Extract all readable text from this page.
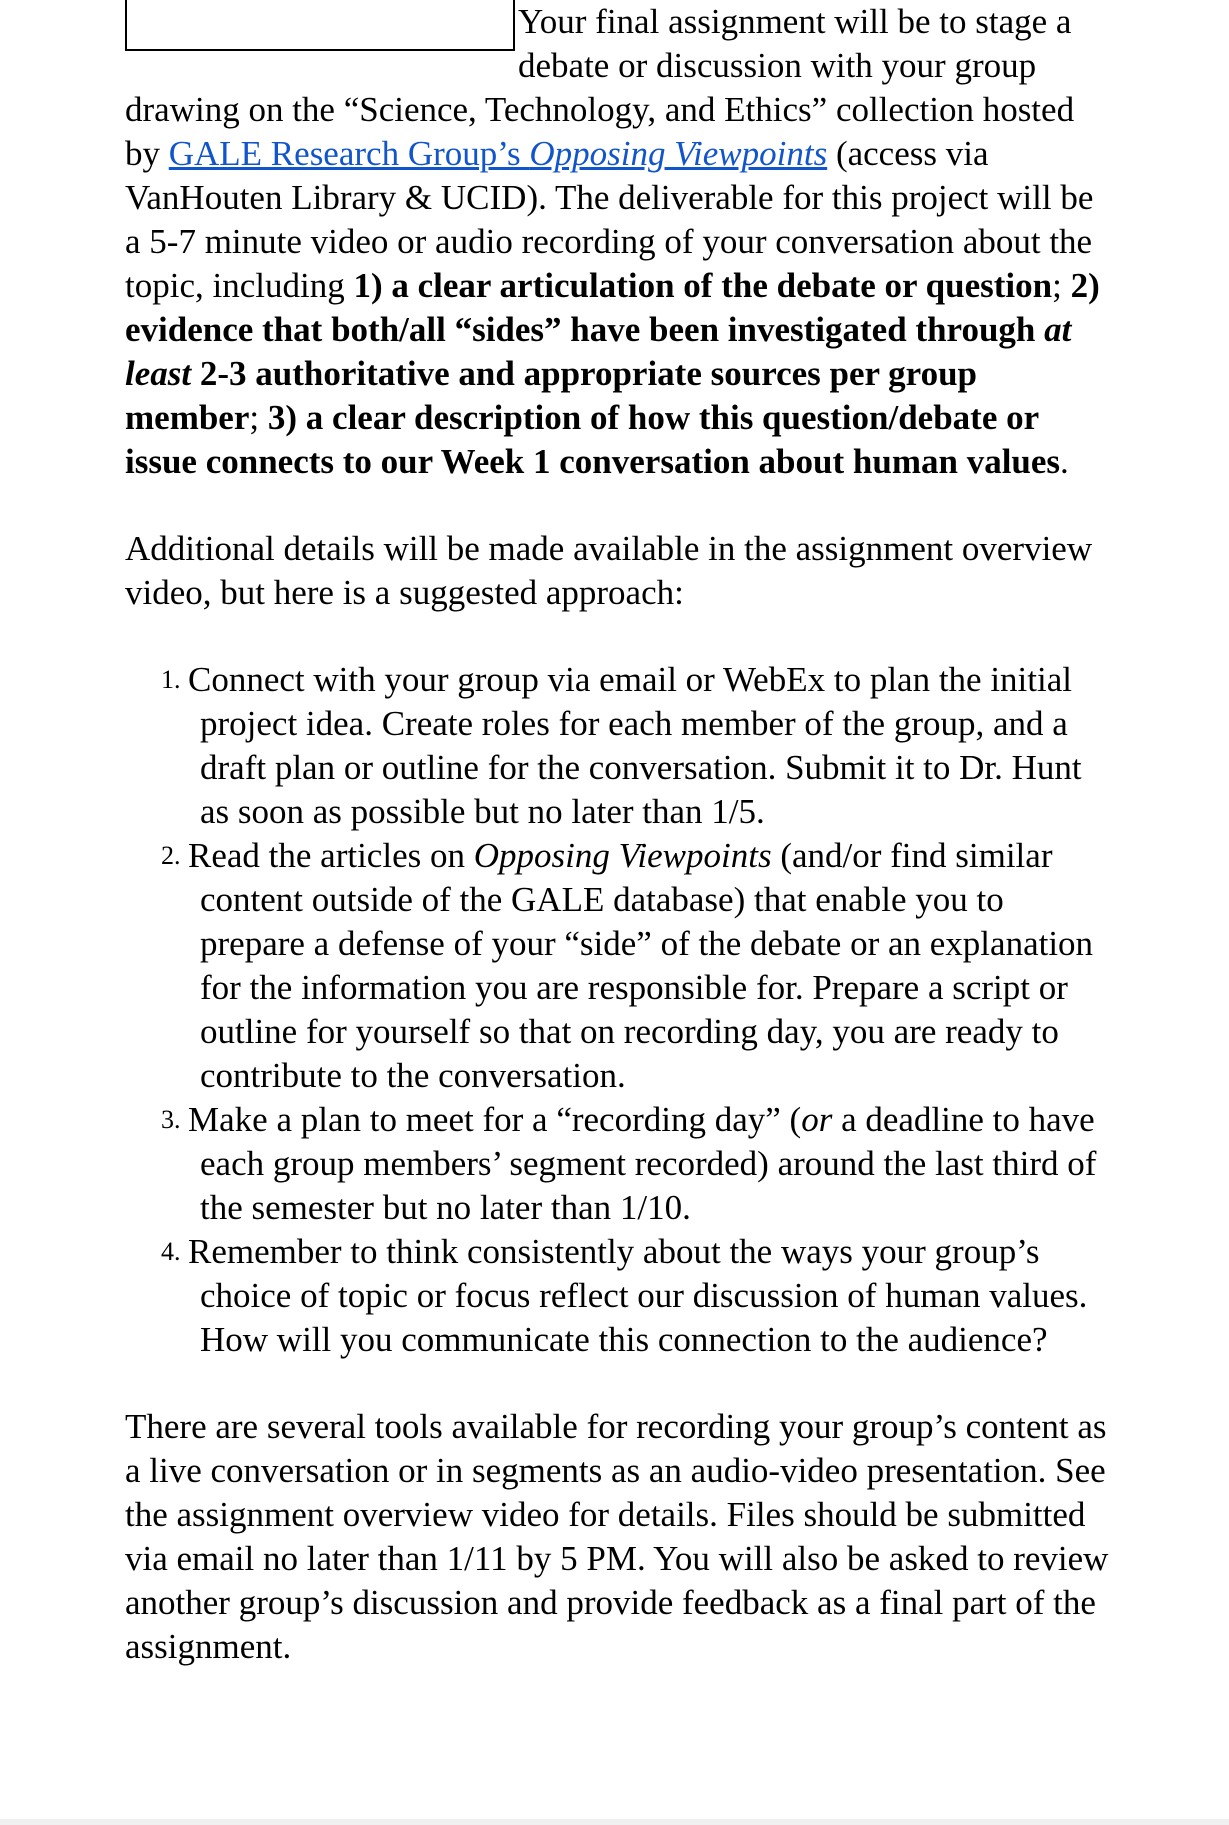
Your final assignment will be to stage a debate or discussion with your group drawing on the “Science, Technology, and Ethics” collection hosted by GALE Research Group’s Opposing Viewpoints (access via VanHouten Library & UCID). The deliverable for this project will be a 5-7 minute video or audio recording of your conversation about the topic, including 1) a clear articulation of the debate or question; 2) evidence that both/all “sides” have been investigated through at least 2-3 authoritative and appropriate sources per group member; 3) a clear description of how this question/debate or issue connects to our Week 1 conversation about human values.

Additional details will be made available in the assignment overview video, but here is a suggested approach:

1. Connect with your group via email or WebEx to plan the initial project idea. Create roles for each member of the group, and a draft plan or outline for the conversation. Submit it to Dr. Hunt as soon as possible but no later than 1/5.
2. Read the articles on Opposing Viewpoints (and/or find similar content outside of the GALE database) that enable you to prepare a defense of your “side” of the debate or an explanation for the information you are responsible for. Prepare a script or outline for yourself so that on recording day, you are ready to contribute to the conversation.
3. Make a plan to meet for a “recording day” (or a deadline to have each group members’ segment recorded) around the last third of the semester but no later than 1/10.
4. Remember to think consistently about the ways your group’s choice of topic or focus reflect our discussion of human values. How will you communicate this connection to the audience?

There are several tools available for recording your group’s content as a live conversation or in segments as an audio-video presentation. See the assignment overview video for details. Files should be submitted via email no later than 1/11 by 5 PM. You will also be asked to review another group’s discussion and provide feedback as a final part of the assignment.
